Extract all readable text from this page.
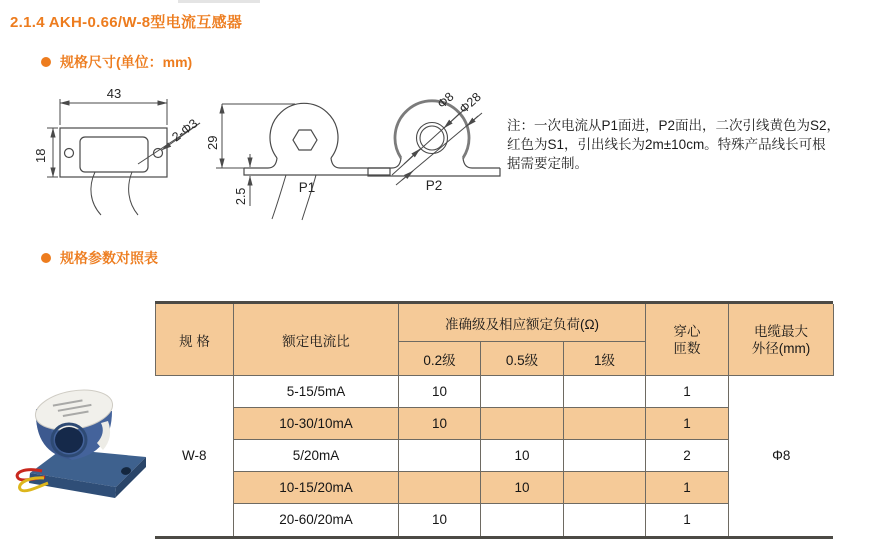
2.1.4 AKH-0.66/W-8型电流互感器
规格尺寸(单位：mm)
43
18
2-Φ3 29
2.5
P1
Φ8 Φ28
P2
注：一次电流从P1面进，P2面出，二次引线黄色为S2，
红色为S1，引出线长为2m±10cm。特殊产品线长可根
据需要定制。
规格参数对照表
规 格	额定电流比	准确级及相应额定负荷(Ω)			穿心
匝数	电缆最大
外径(mm)

		0.2级	0.5级	1级		
W-8	5-15/5mA	10			1	Φ8
	10-30/10mA	10			1	
	5/20mA		10		2	
	10-15/20mA		10		1	
	20-60/20mA	10			1	
